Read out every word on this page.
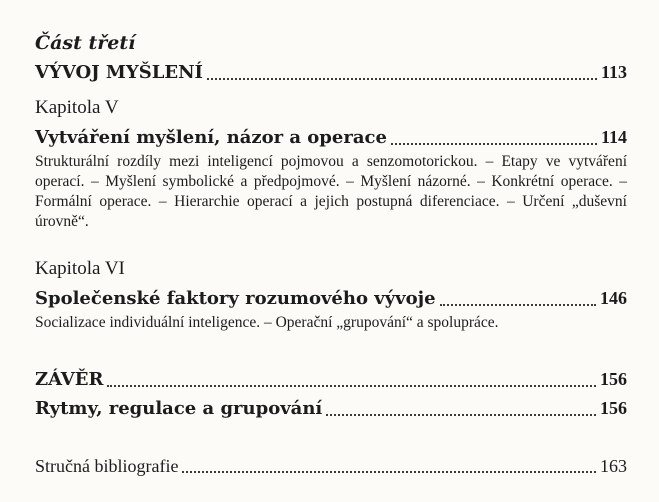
Část třetí
VÝVOJ MYŠLENÍ	113
Kapitola V
Vytváření myšlení, názor a operace	114
Strukturální rozdíly mezi inteligencí pojmovou a senzomotorickou. – Etapy ve vytváření operací. – Myšlení symbolické a předpojmové. – Myšlení názorné. – Konkrétní operace. – Formální operace. – Hierarchie operací a jejich postupná diferenciace. – Určení „duševní úrovně“.
Kapitola VI
Společenské faktory rozumového vývoje	146
Socializace individuální inteligence. – Operační „grupování“ a spolupráce.
ZÁVĚR	156
Rytmy, regulace a grupování	156
Stručná bibliografie	163
